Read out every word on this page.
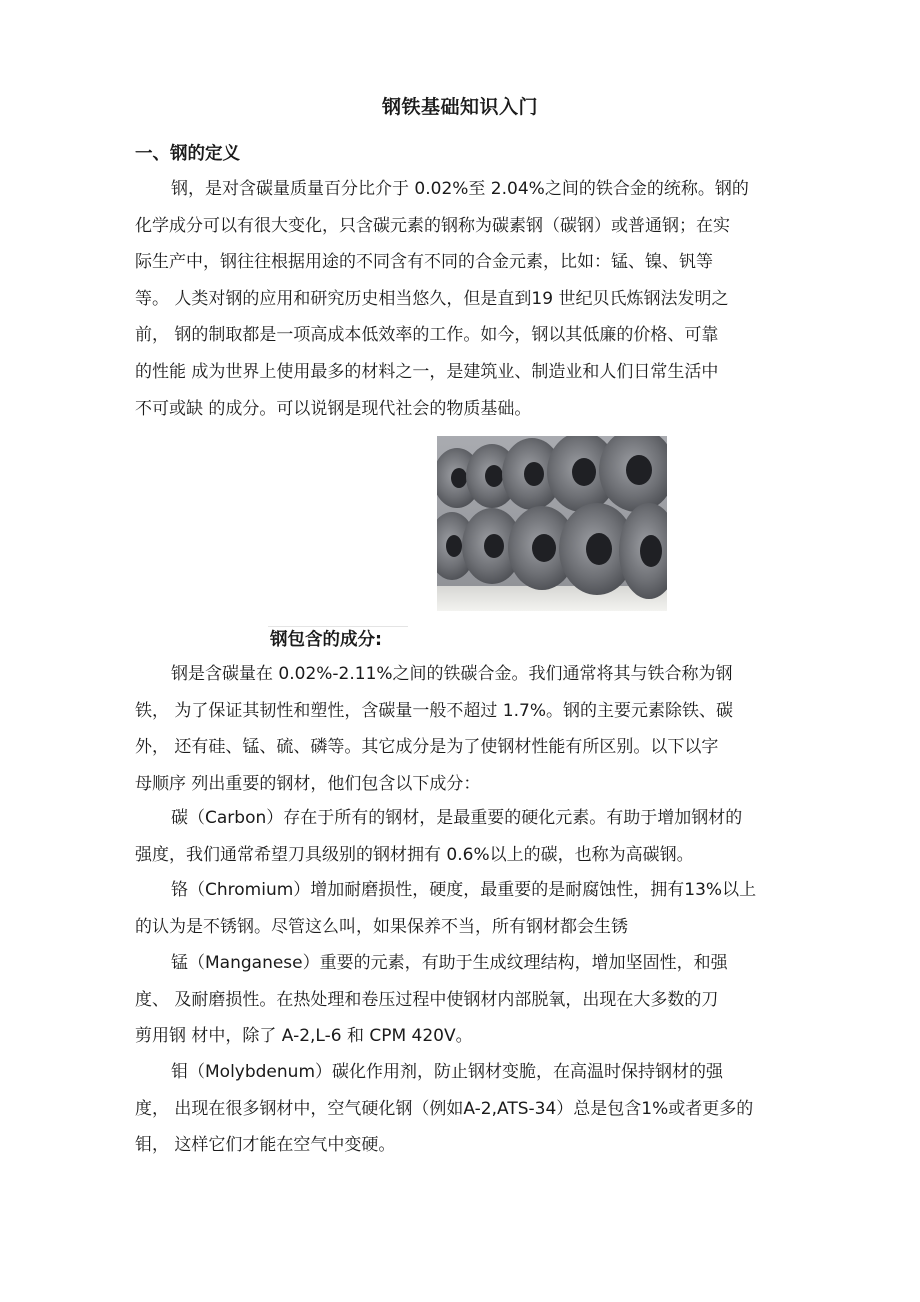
钢铁基础知识入门
一、钢的定义
钢，是对含碳量质量百分比介于 0.02%至 2.04%之间的铁合金的统称。钢的
化学成分可以有很大变化，只含碳元素的钢称为碳素钢（碳钢）或普通钢；在实
际生产中，钢往往根据用途的不同含有不同的合金元素，比如：锰、镍、钒等
等。 人类对钢的应用和研究历史相当悠久，但是直到19 世纪贝氏炼钢法发明之
前， 钢的制取都是一项高成本低效率的工作。如今，钢以其低廉的价格、可靠
的性能 成为世界上使用最多的材料之一，是建筑业、制造业和人们日常生活中
不可或缺 的成分。可以说钢是现代社会的物质基础。
钢包含的成分:
钢是含碳量在 0.02%-2.11%之间的铁碳合金。我们通常将其与铁合称为钢
铁， 为了保证其韧性和塑性，含碳量一般不超过 1.7%。钢的主要元素除铁、碳
外， 还有硅、锰、硫、磷等。其它成分是为了使钢材性能有所区别。以下以字
母顺序 列出重要的钢材，他们包含以下成分：
碳（Carbon）存在于所有的钢材，是最重要的硬化元素。有助于增加钢材的
强度，我们通常希望刀具级别的钢材拥有 0.6%以上的碳，也称为高碳钢。
铬（Chromium）增加耐磨损性，硬度，最重要的是耐腐蚀性，拥有13%以上
的认为是不锈钢。尽管这么叫，如果保养不当，所有钢材都会生锈
锰（Manganese）重要的元素，有助于生成纹理结构，增加坚固性，和强
度、 及耐磨损性。在热处理和卷压过程中使钢材内部脱氧，出现在大多数的刀
剪用钢 材中，除了 A-2,L-6 和 CPM 420V。
钼（Molybdenum）碳化作用剂，防止钢材变脆，在高温时保持钢材的强
度， 出现在很多钢材中，空气硬化钢（例如A-2,ATS-34）总是包含1%或者更多的
钼， 这样它们才能在空气中变硬。
